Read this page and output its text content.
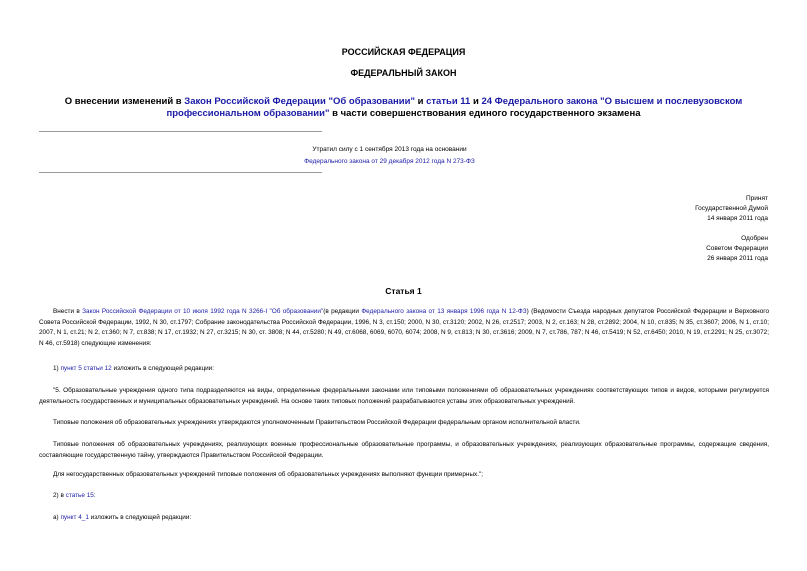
РОССИЙСКАЯ ФЕДЕРАЦИЯ
ФЕДЕРАЛЬНЫЙ ЗАКОН
О внесении изменений в Закон Российской Федерации "Об образовании" и статьи 11 и 24 Федерального закона "О высшем и послевузовском профессиональном образовании" в части совершенствования единого государственного экзамена
Утратил силу с 1 сентября 2013 года на основании
Федерального закона от 29 декабря 2012 года N 273-ФЗ
Принят
Государственной Думой
14 января 2011 года
Одобрен
Советом Федерации
26 января 2011 года
Статья 1
Внести в Закон Российской Федерации от 10 июля 1992 года N 3266-I "Об образовании"(в редакции Федерального закона от 13 января 1996 года N 12-ФЗ) (Ведомости Съезда народных депутатов Российской Федерации и Верховного Совета Российской Федерации, 1992, N 30, ст.1797; Собрание законодательства Российской Федерации, 1996, N 3, ст.150; 2000, N 30, ст.3120; 2002, N 26, ст.2517; 2003, N 2, ст.163; N 28, ст.2892; 2004, N 10, ст.835; N 35, ст.3607; 2006, N 1, ст.10; 2007, N 1, ст.21; N 2, ст.360; N 7, ст.838; N 17, ст.1932; N 27, ст.3215; N 30, ст. 3808; N 44, ст.5280; N 49, ст.6068, 6069, 6070, 6074; 2008, N 9, ст.813; N 30, ст.3616; 2009, N 7, ст.786, 787; N 46, ст.5419; N 52, ст.6450; 2010, N 19, ст.2291; N 25, ст.3072; N 46, ст.5918) следующие изменения:
1) пункт 5 статьи 12 изложить в следующей редакции:
"5. Образовательные учреждения одного типа подразделяются на виды, определенные федеральными законами или типовыми положениями об образовательных учреждениях соответствующих типов и видов, которыми регулируется деятельность государственных и муниципальных образовательных учреждений. На основе таких типовых положений разрабатываются уставы этих образовательных учреждений.
Типовые положения об образовательных учреждениях утверждаются уполномоченным Правительством Российской Федерации федеральным органом исполнительной власти.
Типовые положения об образовательных учреждениях, реализующих военные профессиональные образовательные программы, и образовательных учреждениях, реализующих образовательные программы, содержащие сведения, составляющие государственную тайну, утверждаются Правительством Российской Федерации.
Для негосударственных образовательных учреждений типовые положения об образовательных учреждениях выполняют функции примерных.";
2) в статье 15:
а) пункт 4_1 изложить в следующей редакции:
